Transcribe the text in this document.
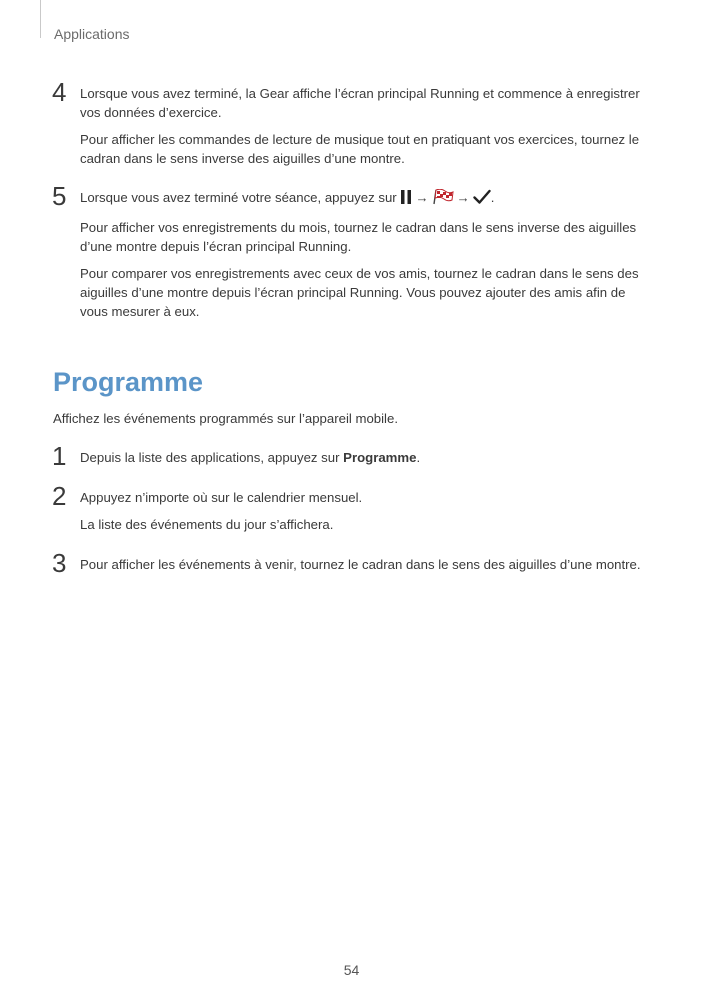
Applications
4 Lorsque vous avez terminé, la Gear affiche l’écran principal Running et commence à enregistrer vos données d’exercice.

Pour afficher les commandes de lecture de musique tout en pratiquant vos exercices, tournez le cadran dans le sens inverse des aiguilles d’une montre.

5 Lorsque vous avez terminé votre séance, appuyez sur → → .

Pour afficher vos enregistrements du mois, tournez le cadran dans le sens inverse des aiguilles d’une montre depuis l’écran principal Running.

Pour comparer vos enregistrements avec ceux de vos amis, tournez le cadran dans le sens des aiguilles d’une montre depuis l’écran principal Running. Vous pouvez ajouter des amis afin de vous mesurer à eux.

Programme
Affichez les événements programmés sur l’appareil mobile.
1 Depuis la liste des applications, appuyez sur Programme.

2 Appuyez n’importe où sur le calendrier mensuel.

La liste des événements du jour s’affichera.

3 Pour afficher les événements à venir, tournez le cadran dans le sens des aiguilles d’une montre.

54
